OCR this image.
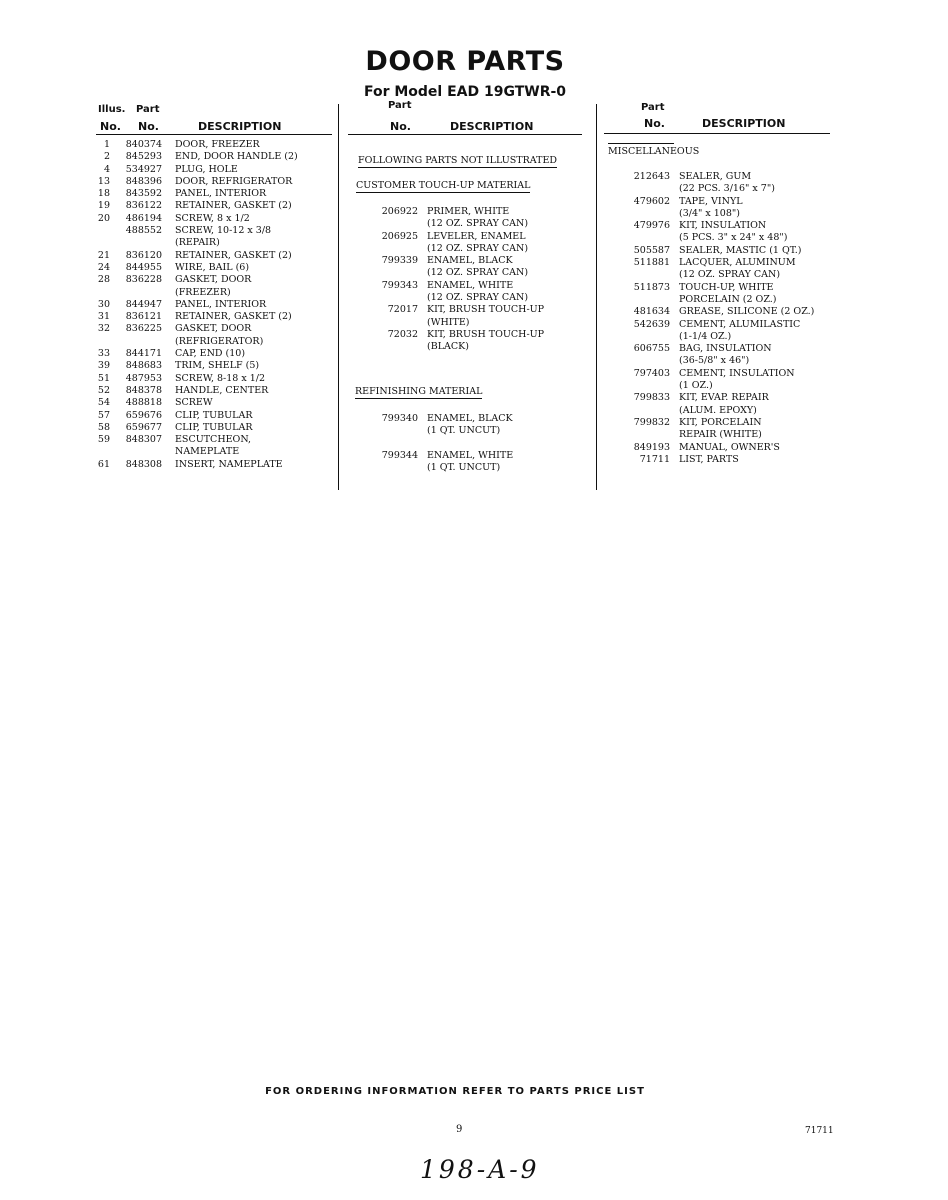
DOOR PARTS
For Model EAD 19GTWR-0
Illus. Part
No. No.	DESCRIPTION
1	840374 DOOR, FREEZER
2	845293 END, DOOR HANDLE (2)
4	534927 PLUG, HOLE
13	848396 DOOR, REFRIGERATOR
18	843592 PANEL, INTERIOR
19	836122 RETAINER, GASKET (2)
20	486194 SCREW, 8 x 1/2
488552 SCREW, 10-12 x 3/8
(REPAIR)
21	836120 RETAINER, GASKET (2)
24	844955 WIRE, BAIL (6)
28	836228 GASKET, DOOR
(FREEZER)
30	844947 PANEL, INTERIOR
31	836121 RETAINER, GASKET (2)
32	836225 GASKET, DOOR
(REFRIGERATOR)
33	844171 CAP, END (10)
39	848683 TRIM, SHELF (5)
51	487953 SCREW, 8-18 x 1/2
52	848378 HANDLE, CENTER
54	488818 SCREW
57	659676 CLIP, TUBULAR
58	659677 CLIP, TUBULAR
59	848307 ESCUTCHEON,
NAMEPLATE
61	848308 INSERT, NAMEPLATE
Part
No.	DESCRIPTION
FOLLOWING PARTS NOT ILLUSTRATED
CUSTOMER TOUCH-UP MATERIAL
206922 PRIMER, WHITE
(12 OZ. SPRAY CAN)
206925 LEVELER, ENAMEL
(12 OZ. SPRAY CAN)
799339 ENAMEL, BLACK
(12 OZ. SPRAY CAN)
799343 ENAMEL, WHITE
(12 OZ. SPRAY CAN)
72017 KIT, BRUSH TOUCH-UP
(WHITE)
72032 KIT, BRUSH TOUCH-UP
(BLACK)
REFINISHING MATERIAL
799340 ENAMEL, BLACK
(1 QT. UNCUT)
799344 ENAMEL, WHITE
(1 QT. UNCUT)
Part
No.	DESCRIPTION
MISCELLANEOUS
212643 SEALER, GUM
(22 PCS. 3/16" x 7")
479602 TAPE, VINYL
(3/4" x 108")
479976 KIT, INSULATION
(5 PCS. 3" x 24" x 48")
505587 SEALER, MASTIC (1 QT.)
511881 LACQUER, ALUMINUM
(12 OZ. SPRAY CAN)
511873 TOUCH-UP, WHITE
PORCELAIN (2 OZ.)
481634 GREASE, SILICONE (2 OZ.)
542639 CEMENT, ALUMILASTIC
(1-1/4 OZ.)
606755 BAG, INSULATION
(36-5/8" x 46")
797403 CEMENT, INSULATION
(1 OZ.)
799833 KIT, EVAP. REPAIR
(ALUM. EPOXY)
799832 KIT, PORCELAIN
REPAIR (WHITE)
849193 MANUAL, OWNER'S
71711 LIST, PARTS
FOR ORDERING INFORMATION REFER TO PARTS PRICE LIST
9	71711
198-A-9
